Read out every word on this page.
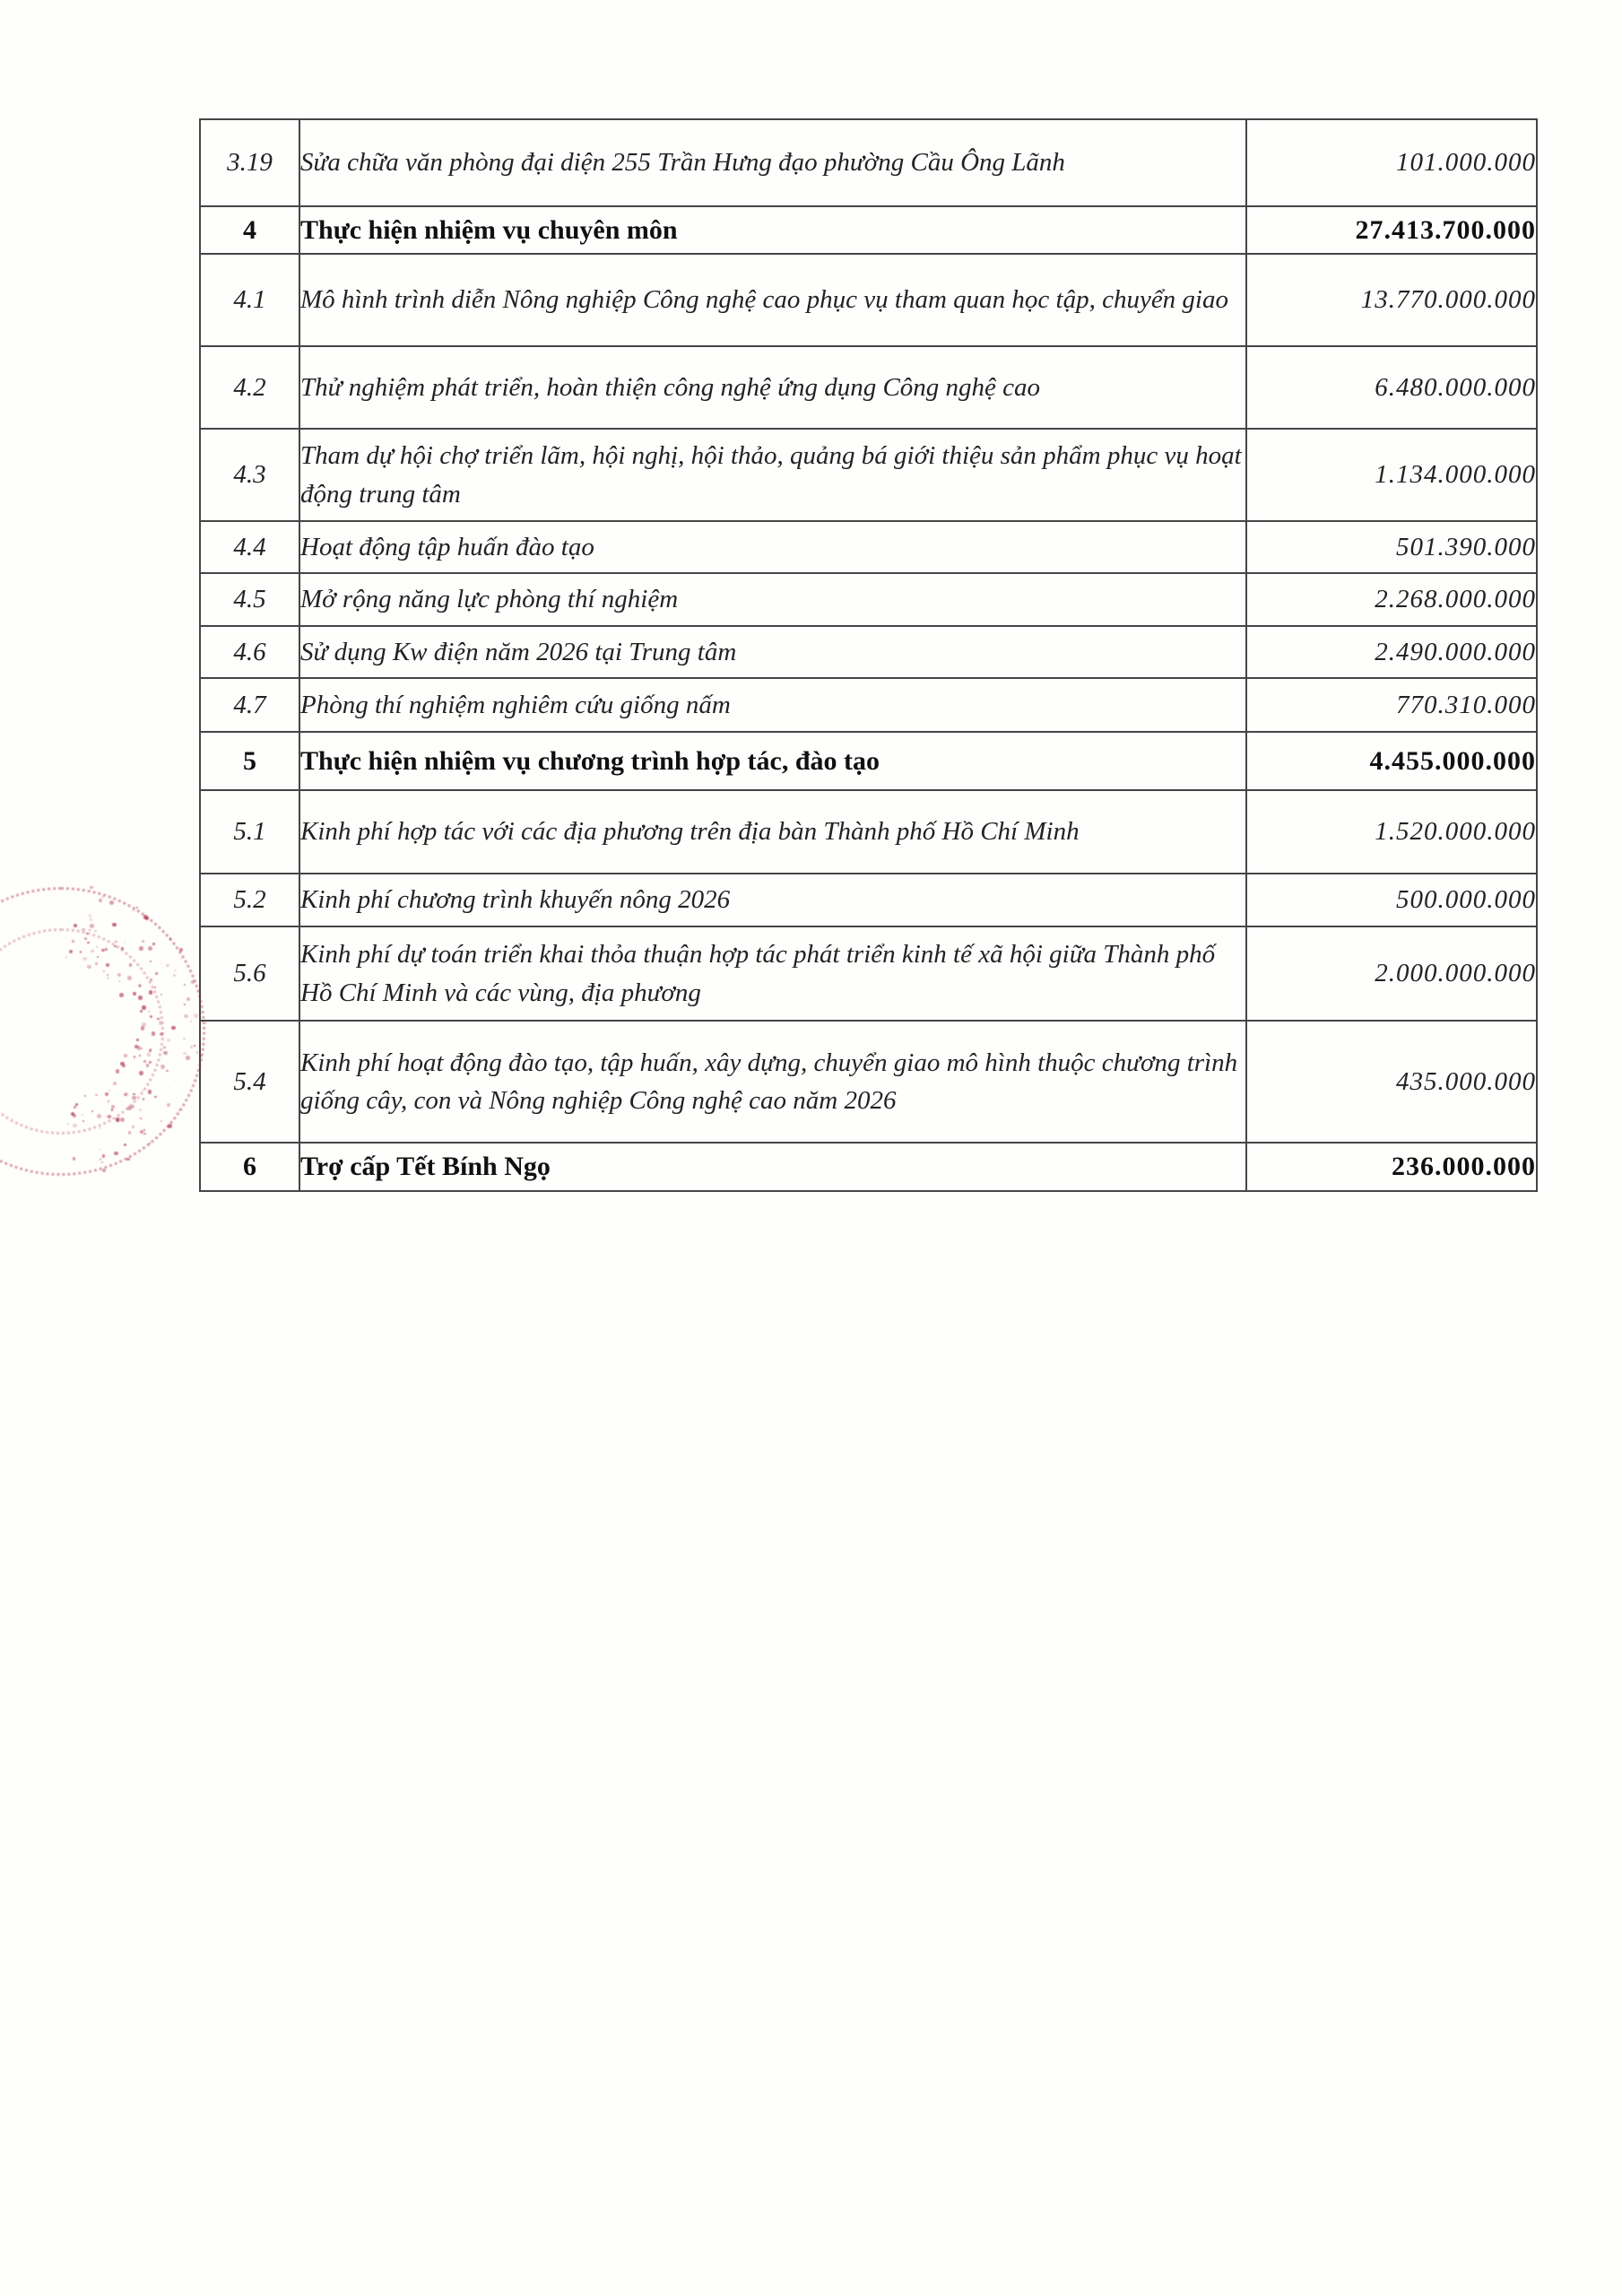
3.19	Sửa chữa văn phòng đại diện 255 Trần Hưng đạo phường Cầu Ông Lãnh	101.000.000
4	Thực hiện nhiệm vụ chuyên môn	27.413.700.000
4.1	Mô hình trình diễn Nông nghiệp Công nghệ cao phục vụ tham quan học tập, chuyển giao	13.770.000.000
4.2	Thử nghiệm phát triển, hoàn thiện công nghệ ứng dụng Công nghệ cao	6.480.000.000
4.3	Tham dự hội chợ triển lãm, hội nghị, hội thảo, quảng bá giới thiệu sản phẩm phục vụ hoạt động trung tâm	1.134.000.000
4.4	Hoạt động tập huấn đào tạo	501.390.000
4.5	Mở rộng năng lực phòng thí nghiệm	2.268.000.000
4.6	Sử dụng Kw điện năm 2026 tại Trung tâm	2.490.000.000
4.7	Phòng thí nghiệm nghiêm cứu giống nấm	770.310.000
5	Thực hiện nhiệm vụ chương trình hợp tác, đào tạo	4.455.000.000
5.1	Kinh phí hợp tác với các địa phương trên địa bàn Thành phố Hồ Chí Minh	1.520.000.000
5.2	Kinh phí chương trình khuyến nông 2026	500.000.000
5.6	Kinh phí dự toán triển khai thỏa thuận hợp tác phát triển kinh tế xã hội giữa Thành phố Hồ Chí Minh và các vùng, địa phương	2.000.000.000
5.4	Kinh phí hoạt động đào tạo, tập huấn, xây dựng, chuyển giao mô hình thuộc chương trình giống cây, con và Nông nghiệp Công nghệ cao năm 2026	435.000.000
6	Trợ cấp Tết Bính Ngọ	236.000.000
